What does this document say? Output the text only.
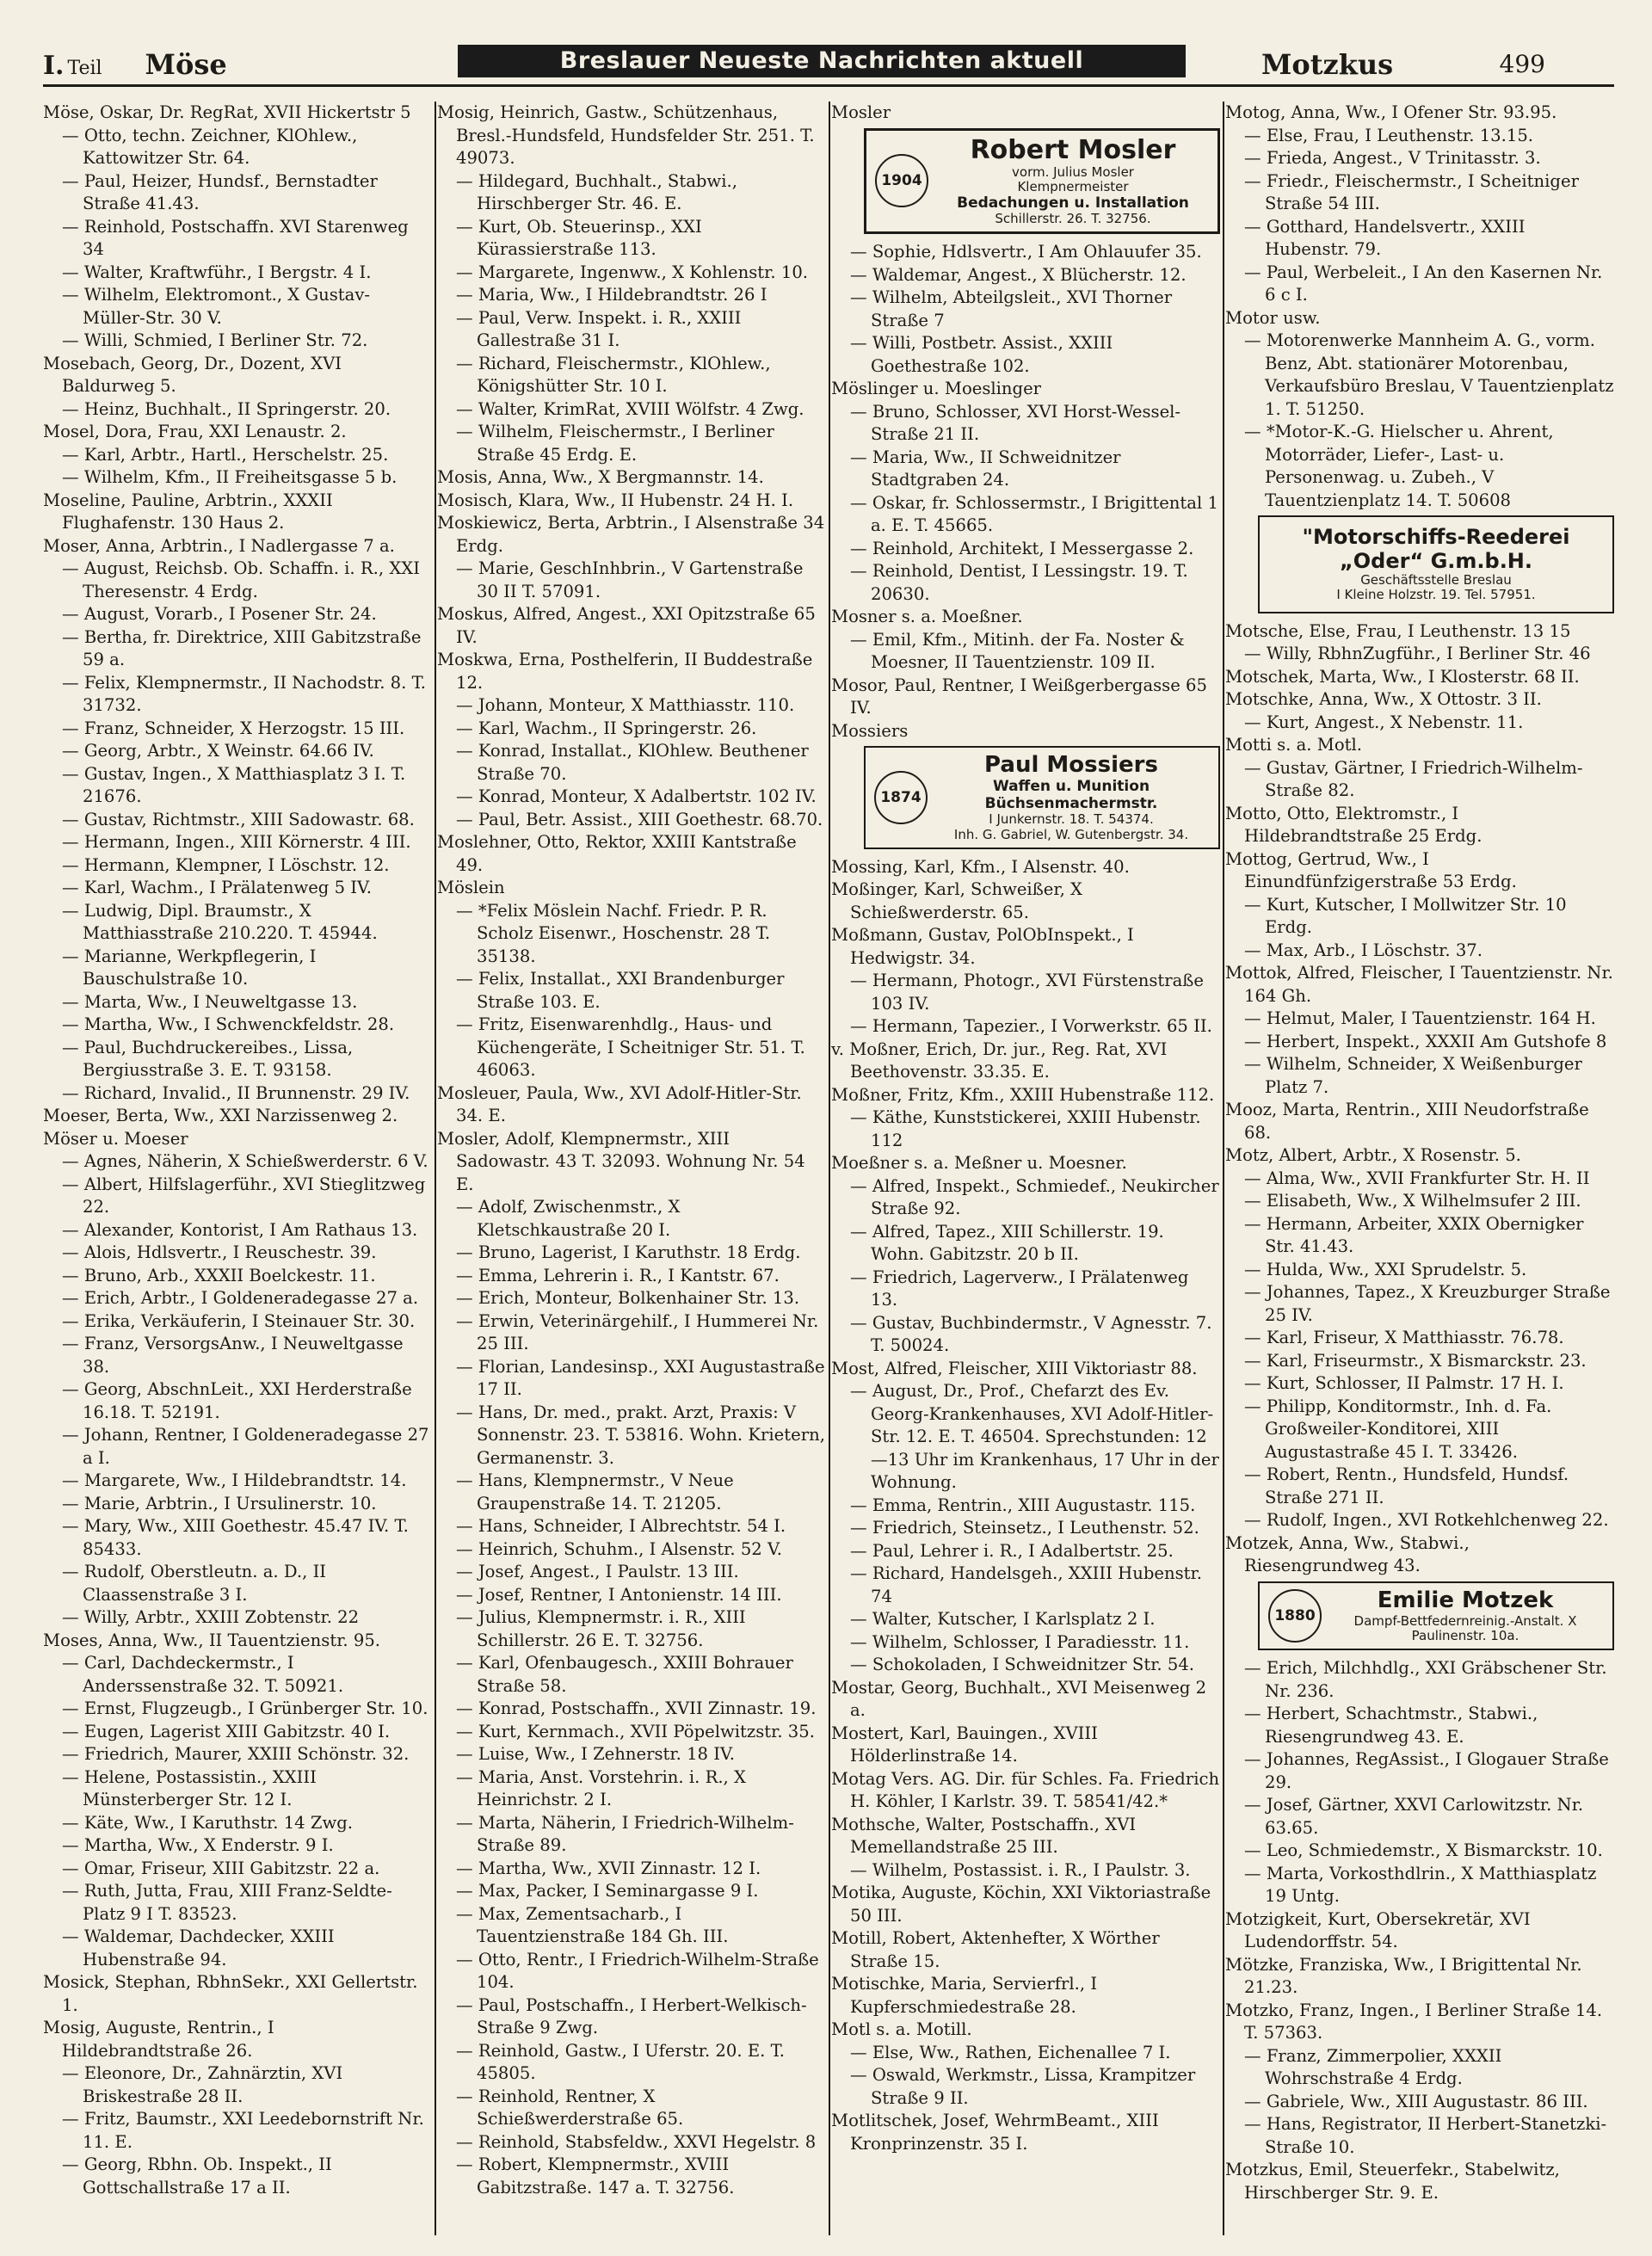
I. Teil Möse	Breslauer Neueste Nachrichten aktuell	Motzkus	499

Möse, Oskar, Dr. RegRat, XVII Hickertstr 5

— Otto, techn. Zeichner, KlOhlew., Kattowitzer Str. 64.

— Paul, Heizer, Hundsf., Bernstadter Straße 41.43.

— Reinhold, Postschaffn. XVI Starenweg 34

— Walter, Kraftwführ., I Bergstr. 4 I.

— Wilhelm, Elektromont., X Gustav-Müller-Str. 30 V.

— Willi, Schmied, I Berliner Str. 72.

Mosebach, Georg, Dr., Dozent, XVI Baldurweg 5.

— Heinz, Buchhalt., II Springerstr. 20.

Mosel, Dora, Frau, XXI Lenaustr. 2.

— Karl, Arbtr., Hartl., Herschelstr. 25.

— Wilhelm, Kfm., II Freiheitsgasse 5 b.

Moseline, Pauline, Arbtrin., XXXII Flughafenstr. 130 Haus 2.

Moser, Anna, Arbtrin., I Nadlergasse 7 a.

— August, Reichsb. Ob. Schaffn. i. R., XXI Theresenstr. 4 Erdg.

— August, Vorarb., I Posener Str. 24.

— Bertha, fr. Direktrice, XIII Gabitzstraße 59 a.

— Felix, Klempnermstr., II Nachodstr. 8. T. 31732.

— Franz, Schneider, X Herzogstr. 15 III.

— Georg, Arbtr., X Weinstr. 64.66 IV.

— Gustav, Ingen., X Matthiasplatz 3 I. T. 21676.

— Gustav, Richtmstr., XIII Sadowastr. 68.

— Hermann, Ingen., XIII Körnerstr. 4 III.

— Hermann, Klempner, I Löschstr. 12.

— Karl, Wachm., I Prälatenweg 5 IV.

— Ludwig, Dipl. Braumstr., X Matthiasstraße 210.220. T. 45944.

— Marianne, Werkpflegerin, I Bauschulstraße 10.

— Marta, Ww., I Neuweltgasse 13.

— Martha, Ww., I Schwenckfeldstr. 28.

— Paul, Buchdruckereibes., Lissa, Bergiusstraße 3. E. T. 93158.

— Richard, Invalid., II Brunnenstr. 29 IV.

Moeser, Berta, Ww., XXI Narzissenweg 2.

Möser u. Moeser

— Agnes, Näherin, X Schießwerderstr. 6 V.

— Albert, Hilfslagerführ., XVI Stieglitzweg 22.

— Alexander, Kontorist, I Am Rathaus 13.

— Alois, Hdlsvertr., I Reuschestr. 39.

— Bruno, Arb., XXXII Boelckestr. 11.

— Erich, Arbtr., I Goldeneradegasse 27 a.

— Erika, Verkäuferin, I Steinauer Str. 30.

— Franz, VersorgsAnw., I Neuweltgasse 38.

— Georg, AbschnLeit., XXI Herderstraße 16.18. T. 52191.

— Johann, Rentner, I Goldeneradegasse 27 a I.

— Margarete, Ww., I Hildebrandtstr. 14.

— Marie, Arbtrin., I Ursulinerstr. 10.

— Mary, Ww., XIII Goethestr. 45.47 IV. T. 85433.

— Rudolf, Oberstleutn. a. D., II Claassenstraße 3 I.

— Willy, Arbtr., XXIII Zobtenstr. 22

Moses, Anna, Ww., II Tauentzienstr. 95.

— Carl, Dachdeckermstr., I Anderssenstraße 32. T. 50921.

— Ernst, Flugzeugb., I Grünberger Str. 10.

— Eugen, Lagerist XIII Gabitzstr. 40 I.

— Friedrich, Maurer, XXIII Schönstr. 32.

— Helene, Postassistin., XXIII Münsterberger Str. 12 I.

— Käte, Ww., I Karuthstr. 14 Zwg.

— Martha, Ww., X Enderstr. 9 I.

— Omar, Friseur, XIII Gabitzstr. 22 a.

— Ruth, Jutta, Frau, XIII Franz-Seldte-Platz 9 I T. 83523.

— Waldemar, Dachdecker, XXIII Hubenstraße 94.

Mosick, Stephan, RbhnSekr., XXI Gellertstr. 1.

Mosig, Auguste, Rentrin., I Hildebrandtstraße 26.

— Eleonore, Dr., Zahnärztin, XVI Briskestraße 28 II.

— Fritz, Baumstr., XXI Leedebornstrift Nr. 11. E.

— Georg, Rbhn. Ob. Inspekt., II Gottschallstraße 17 a II.

Mosig, Heinrich, Gastw., Schützenhaus, Bresl.-Hundsfeld, Hundsfelder Str. 251. T. 49073.

— Hildegard, Buchhalt., Stabwi., Hirschberger Str. 46. E.

— Kurt, Ob. Steuerinsp., XXI Kürassierstraße 113.

— Margarete, Ingenww., X Kohlenstr. 10.

— Maria, Ww., I Hildebrandtstr. 26 I

— Paul, Verw. Inspekt. i. R., XXIII Gallestraße 31 I.

— Richard, Fleischermstr., KlOhlew., Königshütter Str. 10 I.

— Walter, KrimRat, XVIII Wölfstr. 4 Zwg.

— Wilhelm, Fleischermstr., I Berliner Straße 45 Erdg. E.

Mosis, Anna, Ww., X Bergmannstr. 14.

Mosisch, Klara, Ww., II Hubenstr. 24 H. I.

Moskiewicz, Berta, Arbtrin., I Alsenstraße 34 Erdg.

— Marie, GeschInhbrin., V Gartenstraße 30 II T. 57091.

Moskus, Alfred, Angest., XXI Opitzstraße 65 IV.

Moskwa, Erna, Posthelferin, II Buddestraße 12.

— Johann, Monteur, X Matthiasstr. 110.

— Karl, Wachm., II Springerstr. 26.

— Konrad, Installat., KlOhlew. Beuthener Straße 70.

— Konrad, Monteur, X Adalbertstr. 102 IV.

— Paul, Betr. Assist., XIII Goethestr. 68.70.

Moslehner, Otto, Rektor, XXIII Kantstraße 49.

Möslein

— *Felix Möslein Nachf. Friedr. P. R. Scholz Eisenwr., Hoschenstr. 28 T. 35138.

— Felix, Installat., XXI Brandenburger Straße 103. E.

— Fritz, Eisenwarenhdlg., Haus- und Küchengeräte, I Scheitniger Str. 51. T. 46063.

Mosleuer, Paula, Ww., XVI Adolf-Hitler-Str. 34. E.

Mosler, Adolf, Klempnermstr., XIII Sadowastr. 43 T. 32093. Wohnung Nr. 54 E.

— Adolf, Zwischenmstr., X Kletschkaustraße 20 I.

— Bruno, Lagerist, I Karuthstr. 18 Erdg.

— Emma, Lehrerin i. R., I Kantstr. 67.

— Erich, Monteur, Bolkenhainer Str. 13.

— Erwin, Veterinärgehilf., I Hummerei Nr. 25 III.

— Florian, Landesinsp., XXI Augustastraße 17 II.

— Hans, Dr. med., prakt. Arzt, Praxis: V Sonnenstr. 23. T. 53816. Wohn. Krietern, Germanenstr. 3.

— Hans, Klempnermstr., V Neue Graupenstraße 14. T. 21205.

— Hans, Schneider, I Albrechtstr. 54 I.

— Heinrich, Schuhm., I Alsenstr. 52 V.

— Josef, Angest., I Paulstr. 13 III.

— Josef, Rentner, I Antonienstr. 14 III.

— Julius, Klempnermstr. i. R., XIII Schillerstr. 26 E. T. 32756.

— Karl, Ofenbaugesch., XXIII Bohrauer Straße 58.

— Konrad, Postschaffn., XVII Zinnastr. 19.

— Kurt, Kernmach., XVII Pöpelwitzstr. 35.

— Luise, Ww., I Zehnerstr. 18 IV.

— Maria, Anst. Vorstehrin. i. R., X Heinrichstr. 2 I.

— Marta, Näherin, I Friedrich-Wilhelm-Straße 89.

— Martha, Ww., XVII Zinnastr. 12 I.

— Max, Packer, I Seminargasse 9 I.

— Max, Zementsacharb., I Tauentzienstraße 184 Gh. III.

— Otto, Rentr., I Friedrich-Wilhelm-Straße 104.

— Paul, Postschaffn., I Herbert-Welkisch-Straße 9 Zwg.

— Reinhold, Gastw., I Uferstr. 20. E. T. 45805.

— Reinhold, Rentner, X Schießwerderstraße 65.

— Reinhold, Stabsfeldw., XXVI Hegelstr. 8

— Robert, Klempnermstr., XVIII Gabitzstraße. 147 a. T. 32756.

Mosler

1904
Robert Mosler
vorm. Julius Mosler
Klempnermeister
Bedachungen u. Installation
Schillerstr. 26. T. 32756.

— Sophie, Hdlsvertr., I Am Ohlauufer 35.

— Waldemar, Angest., X Blücherstr. 12.

— Wilhelm, Abteilgsleit., XVI Thorner Straße 7

— Willi, Postbetr. Assist., XXIII Goethestraße 102.

Möslinger u. Moeslinger

— Bruno, Schlosser, XVI Horst-Wessel-Straße 21 II.

— Maria, Ww., II Schweidnitzer Stadtgraben 24.

— Oskar, fr. Schlossermstr., I Brigittental 1 a. E. T. 45665.

— Reinhold, Architekt, I Messergasse 2.

— Reinhold, Dentist, I Lessingstr. 19. T. 20630.

Mosner s. a. Moeßner.

— Emil, Kfm., Mitinh. der Fa. Noster & Moesner, II Tauentzienstr. 109 II.

Mosor, Paul, Rentner, I Weißgerbergasse 65 IV.

Mossiers

1874
Paul Mossiers
Waffen u. Munition
Büchsenmachermstr.
I Junkernstr. 18. T. 54374.
Inh. G. Gabriel, W. Gutenbergstr. 34.

Mossing, Karl, Kfm., I Alsenstr. 40.

Moßinger, Karl, Schweißer, X Schießwerderstr. 65.

Moßmann, Gustav, PolObInspekt., I Hedwigstr. 34.

— Hermann, Photogr., XVI Fürstenstraße 103 IV.

— Hermann, Tapezier., I Vorwerkstr. 65 II.

v. Moßner, Erich, Dr. jur., Reg. Rat, XVI Beethovenstr. 33.35. E.

Moßner, Fritz, Kfm., XXIII Hubenstraße 112.

— Käthe, Kunststickerei, XXIII Hubenstr. 112

Moeßner s. a. Meßner u. Moesner.

— Alfred, Inspekt., Schmiedef., Neukircher Straße 92.

— Alfred, Tapez., XIII Schillerstr. 19. Wohn. Gabitzstr. 20 b II.

— Friedrich, Lagerverw., I Prälatenweg 13.

— Gustav, Buchbindermstr., V Agnesstr. 7. T. 50024.

Most, Alfred, Fleischer, XIII Viktoriastr 88.

— August, Dr., Prof., Chefarzt des Ev. Georg-Krankenhauses, XVI Adolf-Hitler-Str. 12. E. T. 46504. Sprechstunden: 12—13 Uhr im Krankenhaus, 17 Uhr in der Wohnung.

— Emma, Rentrin., XIII Augustastr. 115.

— Friedrich, Steinsetz., I Leuthenstr. 52.

— Paul, Lehrer i. R., I Adalbertstr. 25.

— Richard, Handelsgeh., XXIII Hubenstr. 74

— Walter, Kutscher, I Karlsplatz 2 I.

— Wilhelm, Schlosser, I Paradiesstr. 11.

— Schokoladen, I Schweidnitzer Str. 54.

Mostar, Georg, Buchhalt., XVI Meisenweg 2 a.

Mostert, Karl, Bauingen., XVIII Hölderlinstraße 14.

Motag Vers. AG. Dir. für Schles. Fa. Friedrich H. Köhler, I Karlstr. 39. T. 58541/42.*

Mothsche, Walter, Postschaffn., XVI Memellandstraße 25 III.

— Wilhelm, Postassist. i. R., I Paulstr. 3.

Motika, Auguste, Köchin, XXI Viktoriastraße 50 III.

Motill, Robert, Aktenhefter, X Wörther Straße 15.

Motischke, Maria, Servierfrl., I Kupferschmiedestraße 28.

Motl s. a. Motill.

— Else, Ww., Rathen, Eichenallee 7 I.

— Oswald, Werkmstr., Lissa, Krampitzer Straße 9 II.

Motlitschek, Josef, WehrmBeamt., XIII Kronprinzenstr. 35 I.

Motog, Anna, Ww., I Ofener Str. 93.95.

— Else, Frau, I Leuthenstr. 13.15.

— Frieda, Angest., V Trinitasstr. 3.

— Friedr., Fleischermstr., I Scheitniger Straße 54 III.

— Gotthard, Handelsvertr., XXIII Hubenstr. 79.

— Paul, Werbeleit., I An den Kasernen Nr. 6 c I.

Motor usw.

— Motorenwerke Mannheim A. G., vorm. Benz, Abt. stationärer Motorenbau, Verkaufsbüro Breslau, V Tauentzienplatz 1. T. 51250.

— *Motor-K.-G. Hielscher u. Ahrent, Motorräder, Liefer-, Last- u. Personenwag. u. Zubeh., V Tauentzienplatz 14. T. 50608

"Motorschiffs-Reederei „Oder“ G.m.b.H.
Geschäftsstelle Breslau
I Kleine Holzstr. 19. Tel. 57951.

Motsche, Else, Frau, I Leuthenstr. 13 15

— Willy, RbhnZugführ., I Berliner Str. 46

Motschek, Marta, Ww., I Klosterstr. 68 II.

Motschke, Anna, Ww., X Ottostr. 3 II.

— Kurt, Angest., X Nebenstr. 11.

Motti s. a. Motl.

— Gustav, Gärtner, I Friedrich-Wilhelm-Straße 82.

Motto, Otto, Elektromstr., I Hildebrandtstraße 25 Erdg.

Mottog, Gertrud, Ww., I Einundfünfzigerstraße 53 Erdg.

— Kurt, Kutscher, I Mollwitzer Str. 10 Erdg.

— Max, Arb., I Löschstr. 37.

Mottok, Alfred, Fleischer, I Tauentzienstr. Nr. 164 Gh.

— Helmut, Maler, I Tauentzienstr. 164 H.

— Herbert, Inspekt., XXXII Am Gutshofe 8

— Wilhelm, Schneider, X Weißenburger Platz 7.

Mooz, Marta, Rentrin., XIII Neudorfstraße 68.

Motz, Albert, Arbtr., X Rosenstr. 5.

— Alma, Ww., XVII Frankfurter Str. H. II

— Elisabeth, Ww., X Wilhelmsufer 2 III.

— Hermann, Arbeiter, XXIX Obernigker Str. 41.43.

— Hulda, Ww., XXI Sprudelstr. 5.

— Johannes, Tapez., X Kreuzburger Straße 25 IV.

— Karl, Friseur, X Matthiasstr. 76.78.

— Karl, Friseurmstr., X Bismarckstr. 23.

— Kurt, Schlosser, II Palmstr. 17 H. I.

— Philipp, Konditormstr., Inh. d. Fa. Großweiler-Konditorei, XIII Augustastraße 45 I. T. 33426.

— Robert, Rentn., Hundsfeld, Hundsf. Straße 271 II.

— Rudolf, Ingen., XVI Rotkehlchenweg 22.

Motzek, Anna, Ww., Stabwi., Riesengrundweg 43.

1880
Emilie Motzek
Dampf-Bettfedernreinig.-Anstalt. X Paulinenstr. 10a.

— Erich, Milchhdlg., XXI Gräbschener Str. Nr. 236.

— Herbert, Schachtmstr., Stabwi., Riesengrundweg 43. E.

— Johannes, RegAssist., I Glogauer Straße 29.

— Josef, Gärtner, XXVI Carlowitzstr. Nr. 63.65.

— Leo, Schmiedemstr., X Bismarckstr. 10.

— Marta, Vorkosthdlrin., X Matthiasplatz 19 Untg.

Motzigkeit, Kurt, Obersekretär, XVI Ludendorffstr. 54.

Mötzke, Franziska, Ww., I Brigittental Nr. 21.23.

Motzko, Franz, Ingen., I Berliner Straße 14. T. 57363.

— Franz, Zimmerpolier, XXXII Wohrschstraße 4 Erdg.

— Gabriele, Ww., XIII Augustastr. 86 III.

— Hans, Registrator, II Herbert-Stanetzki-Straße 10.

Motzkus, Emil, Steuerfekr., Stabelwitz, Hirschberger Str. 9. E.
